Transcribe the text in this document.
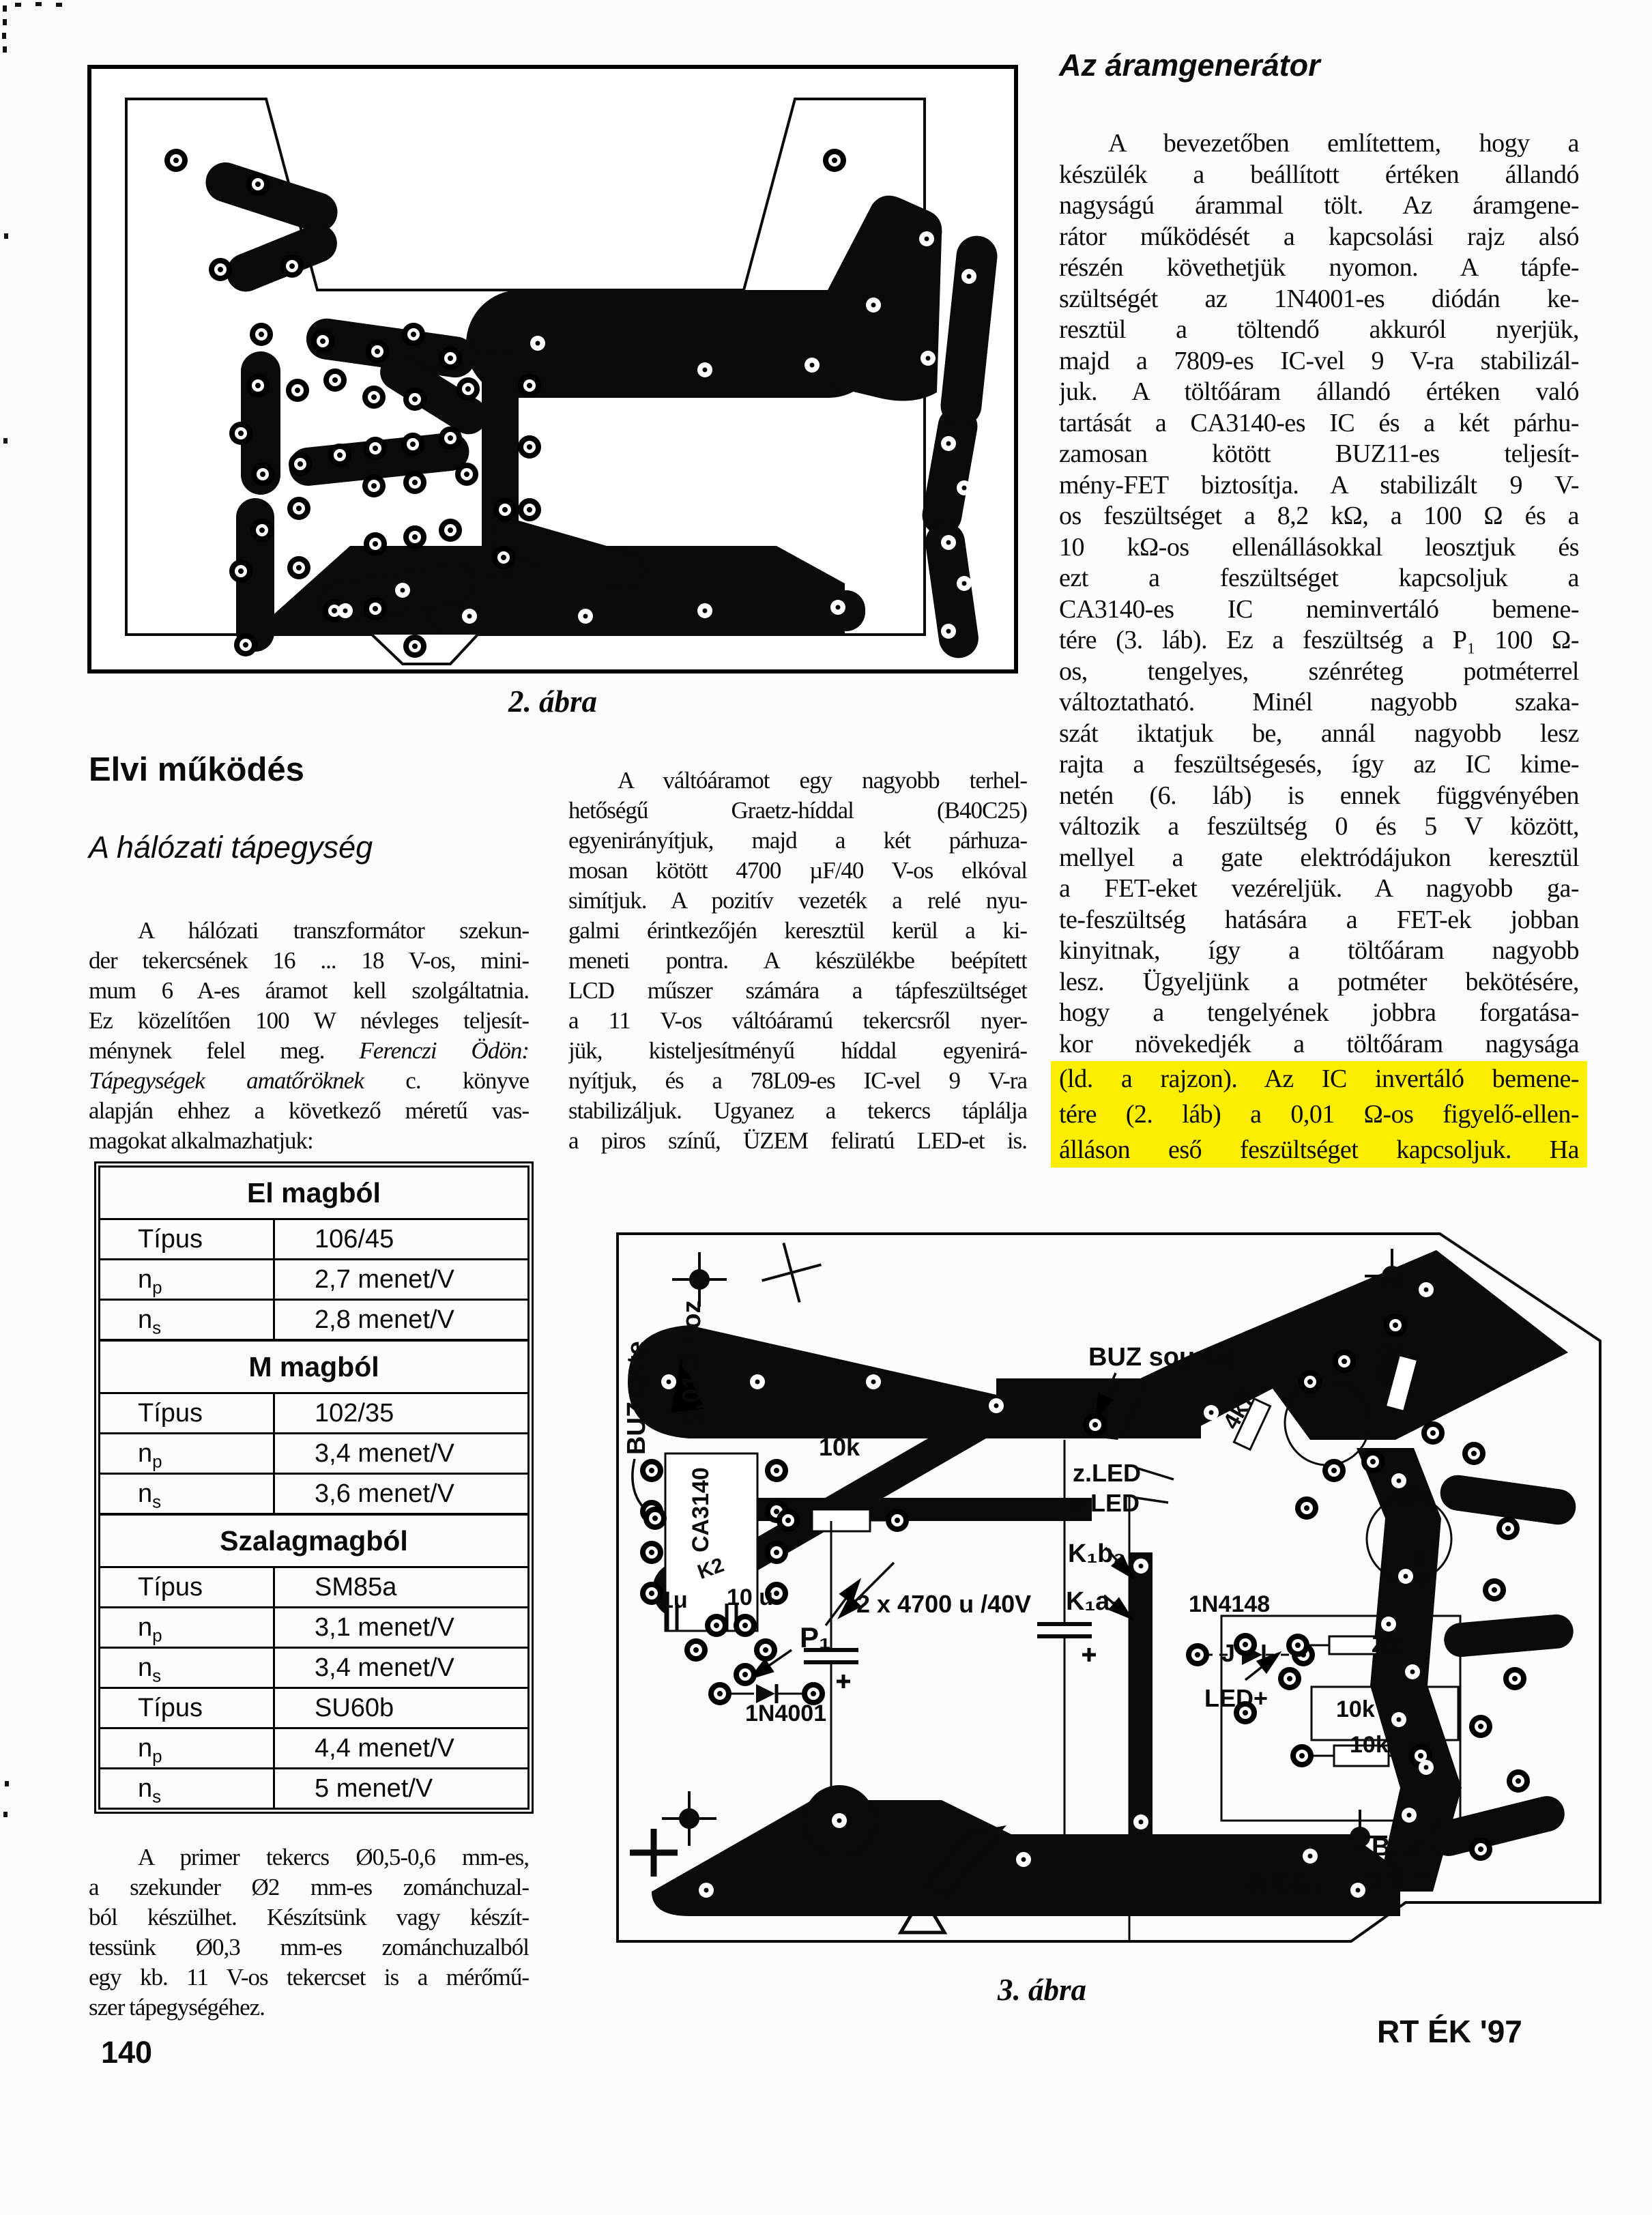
2. ábra
Az áramgenerátor
A bevezetőben említettem, hogy a
készülék a beállított értéken állandó
nagyságú árammal tölt. Az áramgene-
rátor működését a kapcsolási rajz alsó
részén követhetjük nyomon. A tápfe-
szültségét az 1N4001-es diódán ke-
resztül a töltendő akkuról nyerjük,
majd a 7809-es IC-vel 9 V-ra stabilizál-
juk. A töltőáram állandó értéken való
tartását a CA3140-es IC és a két párhu-
zamosan kötött BUZ11-es teljesít-
mény-FET biztosítja. A stabilizált 9 V-
os feszültséget a 8,2 kΩ, a 100 Ω és a
10 kΩ-os ellenállásokkal leosztjuk és
ezt a feszültséget kapcsoljuk a
CA3140-es IC neminvertáló bemene-
tére (3. láb). Ez a feszültség a P₁ 100 Ω-
os, tengelyes, szénréteg potméterrel
változtatható. Minél nagyobb szaka-
szát iktatjuk be, annál nagyobb lesz
rajta a feszültségesés, így az IC kime-
netén (6. láb) is ennek függvényében
változik a feszültség 0 és 5 V között,
mellyel a gate elektródájukon keresztül
a FET-eket vezéreljük. A nagyobb ga-
te-feszültség hatására a FET-ek jobban
kinyitnak, így a töltőáram nagyobb
lesz. Ügyeljünk a potméter bekötésére,
hogy a tengelyének jobbra forgatása-
kor növekedjék a töltőáram nagysága
(ld. a rajzon). Az IC invertáló bemene-
tére (2. láb) a 0,01 Ω-os figyelő-ellen-
álláson eső feszültséget kapcsoljuk. Ha
Elvi működés
A hálózati tápegység
A hálózati transzformátor szekun-
der tekercsének 16 ... 18 V-os, mini-
mum 6 A-es áramot kell szolgáltatnia.
Ez közelítően 100 W névleges teljesít-
ménynek felel meg. Ferenczi Ödön:
Tápegységek amatőröknek c. könyve
alapján ehhez a következő méretű vas-
magokat alkalmazhatjuk:
El magból
Típus	106/45
$n_p$	2,7 menet/V
$n_s$	2,8 menet/V
M magból
Típus	102/35
$n_p$	3,4 menet/V
$n_s$	3,6 menet/V
Szalagmagból
Típus	SM85a
$n_p$	3,1 menet/V
$n_s$	3,4 menet/V
Típus	SU60b
$n_p$	4,4 menet/V
$n_s$	5 menet/V
A primer tekercs Ø0,5-0,6 mm-es,
a szekunder Ø2 mm-es zománchuzal-
ból készülhet. Készítsünk vagy készít-
tessünk Ø0,3 mm-es zománchuzalból
egy kb. 11 V-os tekercset is a mérőmű-
szer tápegységéhez.
A váltóáramot egy nagyobb terhel-
hetőségű Graetz-híddal (B40C25)
egyenirányítjuk, majd a két párhuza-
mosan kötött 4700 µF/40 V-os elkóval
simítjuk. A pozitív vezeték a relé nyu-
galmi érintkezőjén keresztül kerül a ki-
meneti pontra. A készülékbe beépített
LCD műszer számára a tápfeszültséget
a 11 V-os váltóáramú tekercsről nyer-
jük, kisteljesítményű híddal egyenirá-
nyítjuk, és a 78L09-es IC-vel 9 V-ra
stabilizáljuk. Ugyanez a tekercs táplálja
a piros színű, ÜZEM feliratú LED-et is.
0,01Ω-hoz
BUZ gate
CA3140
BUZ source
10k
4k7
47k
z.LED
s.LED
K₁b₂
K₁a₂
2 x 4700 u /40V	1N4148
J
LED+	10k
10k
ZS
Z6,
100u
1u 10 u
K2
P₁
1N4001
AKKU +
BUZ
drain
3. ábra
140
RT ÉK '97
